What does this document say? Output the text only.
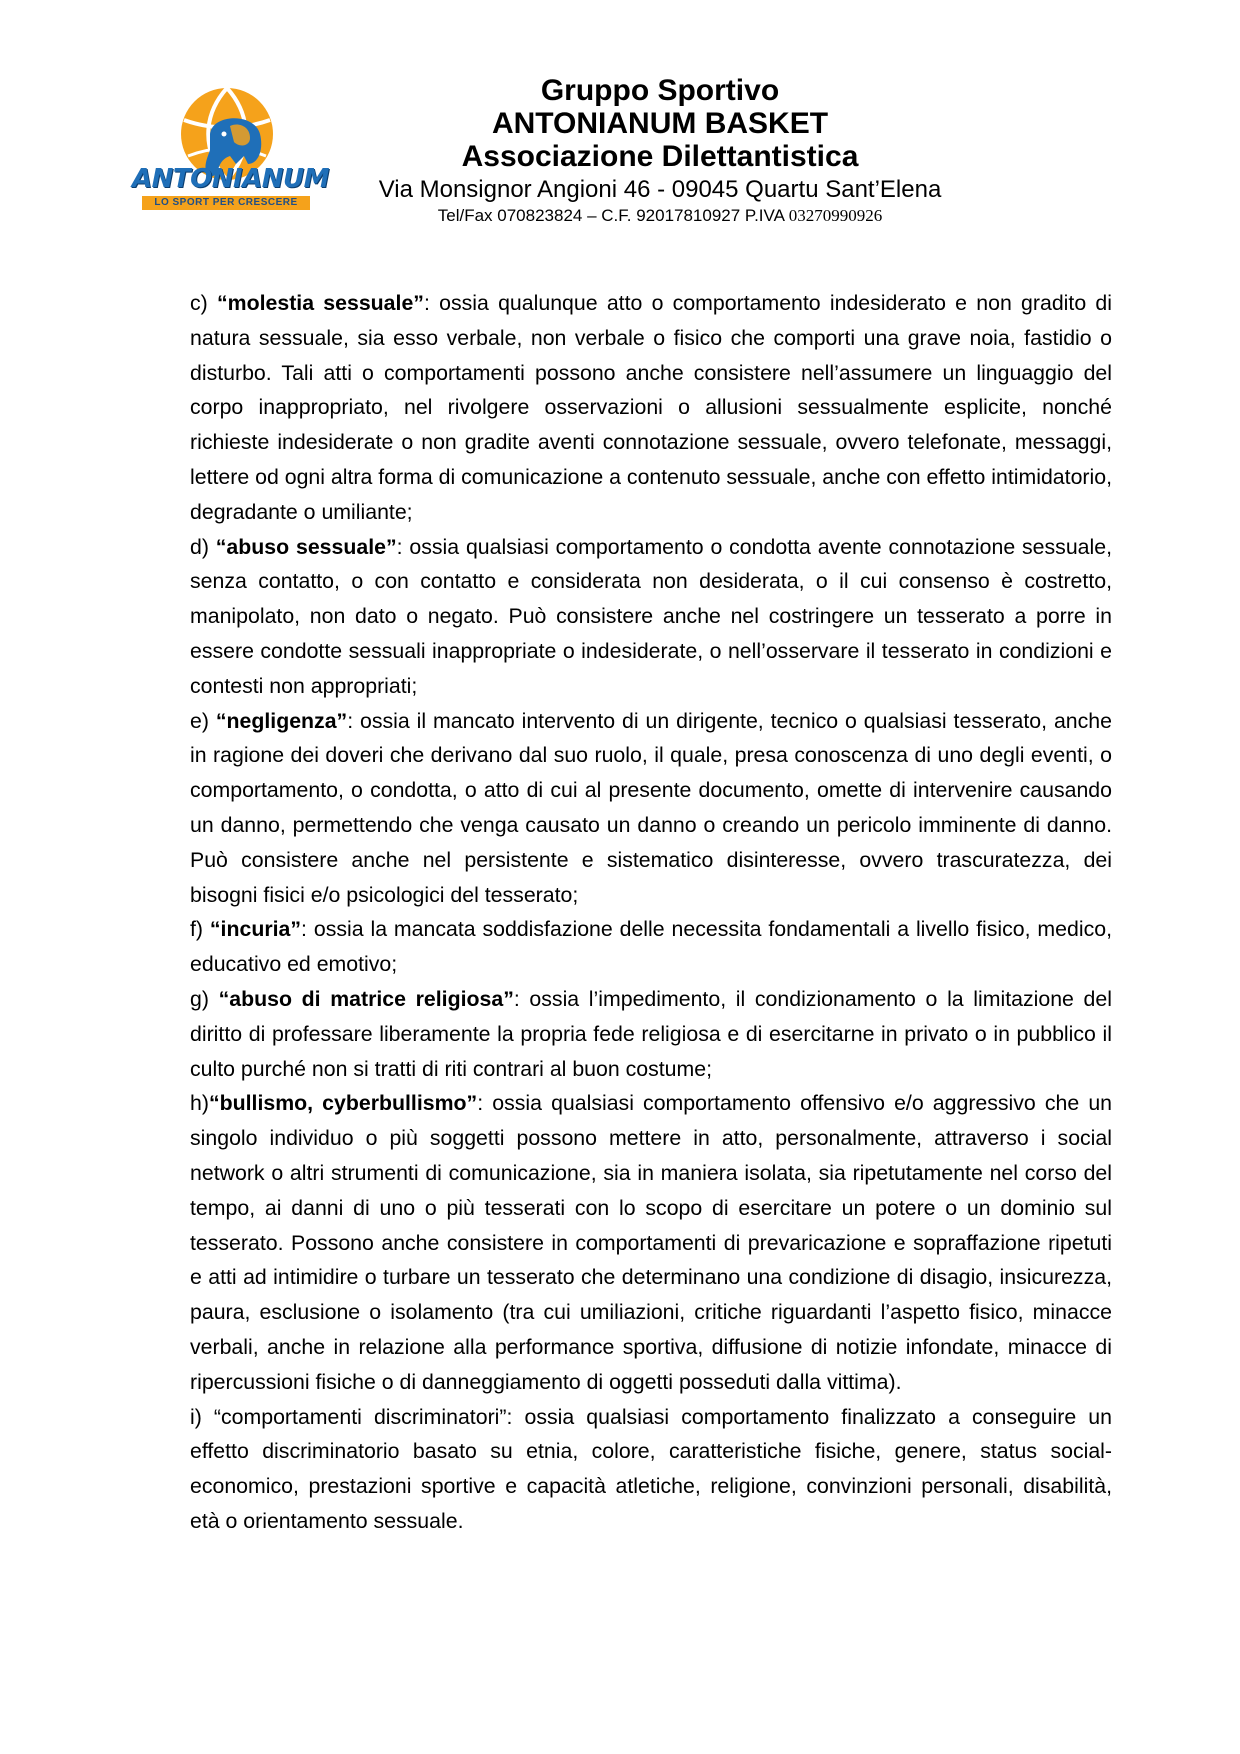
ANTONIANUM
LO SPORT PER CRESCERE
Gruppo Sportivo
ANTONIANUM BASKET
Associazione Dilettantistica
Via Monsignor Angioni 46 - 09045 Quartu Sant’Elena
Tel/Fax 070823824 – C.F. 92017810927 P.IVA 03270990926

c) “molestia sessuale”: ossia qualunque atto o comportamento indesiderato e non gradito di natura sessuale, sia esso verbale, non verbale o fisico che comporti una grave noia, fastidio o disturbo. Tali atti o comportamenti possono anche consistere nell’assumere un linguaggio del corpo inappropriato, nel rivolgere osservazioni o allusioni sessualmente esplicite, nonché richieste indesiderate o non gradite aventi connotazione sessuale, ovvero telefonate, messaggi, lettere od ogni altra forma di comunicazione a contenuto sessuale, anche con effetto intimidatorio, degradante o umiliante;

d) “abuso sessuale”: ossia qualsiasi comportamento o condotta avente connotazione sessuale, senza contatto, o con contatto e considerata non desiderata, o il cui consenso è costretto, manipolato, non dato o negato. Può consistere anche nel costringere un tesserato a porre in essere condotte sessuali inappropriate o indesiderate, o nell’osservare il tesserato in condizioni e contesti non appropriati;

e) “negligenza”: ossia il mancato intervento di un dirigente, tecnico o qualsiasi tesserato, anche in ragione dei doveri che derivano dal suo ruolo, il quale, presa conoscenza di uno degli eventi, o comportamento, o condotta, o atto di cui al presente documento, omette di intervenire causando un danno, permettendo che venga causato un danno o creando un pericolo imminente di danno. Può consistere anche nel persistente e sistematico disinteresse, ovvero trascuratezza, dei bisogni fisici e/o psicologici del tesserato;

f) “incuria”: ossia la mancata soddisfazione delle necessita fondamentali a livello fisico, medico, educativo ed emotivo;

g) “abuso di matrice religiosa”: ossia l’impedimento, il condizionamento o la limitazione del diritto di professare liberamente la propria fede religiosa e di esercitarne in privato o in pubblico il culto purché non si tratti di riti contrari al buon costume;

h)“bullismo, cyberbullismo”: ossia qualsiasi comportamento offensivo e/o aggressivo che un singolo individuo o più soggetti possono mettere in atto, personalmente, attraverso i social network o altri strumenti di comunicazione, sia in maniera isolata, sia ripetutamente nel corso del tempo, ai danni di uno o più tesserati con lo scopo di esercitare un potere o un dominio sul tesserato. Possono anche consistere in comportamenti di prevaricazione e sopraffazione ripetuti e atti ad intimidire o turbare un tesserato che determinano una condizione di disagio, insicurezza, paura, esclusione o isolamento (tra cui umiliazioni, critiche riguardanti l’aspetto fisico, minacce verbali, anche in relazione alla performance sportiva, diffusione di notizie infondate, minacce di ripercussioni fisiche o di danneggiamento di oggetti posseduti dalla vittima).

i) “comportamenti discriminatori”: ossia qualsiasi comportamento finalizzato a conseguire un effetto discriminatorio basato su etnia, colore, caratteristiche fisiche, genere, status social-economico, prestazioni sportive e capacità atletiche, religione, convinzioni personali, disabilità, età o orientamento sessuale.
